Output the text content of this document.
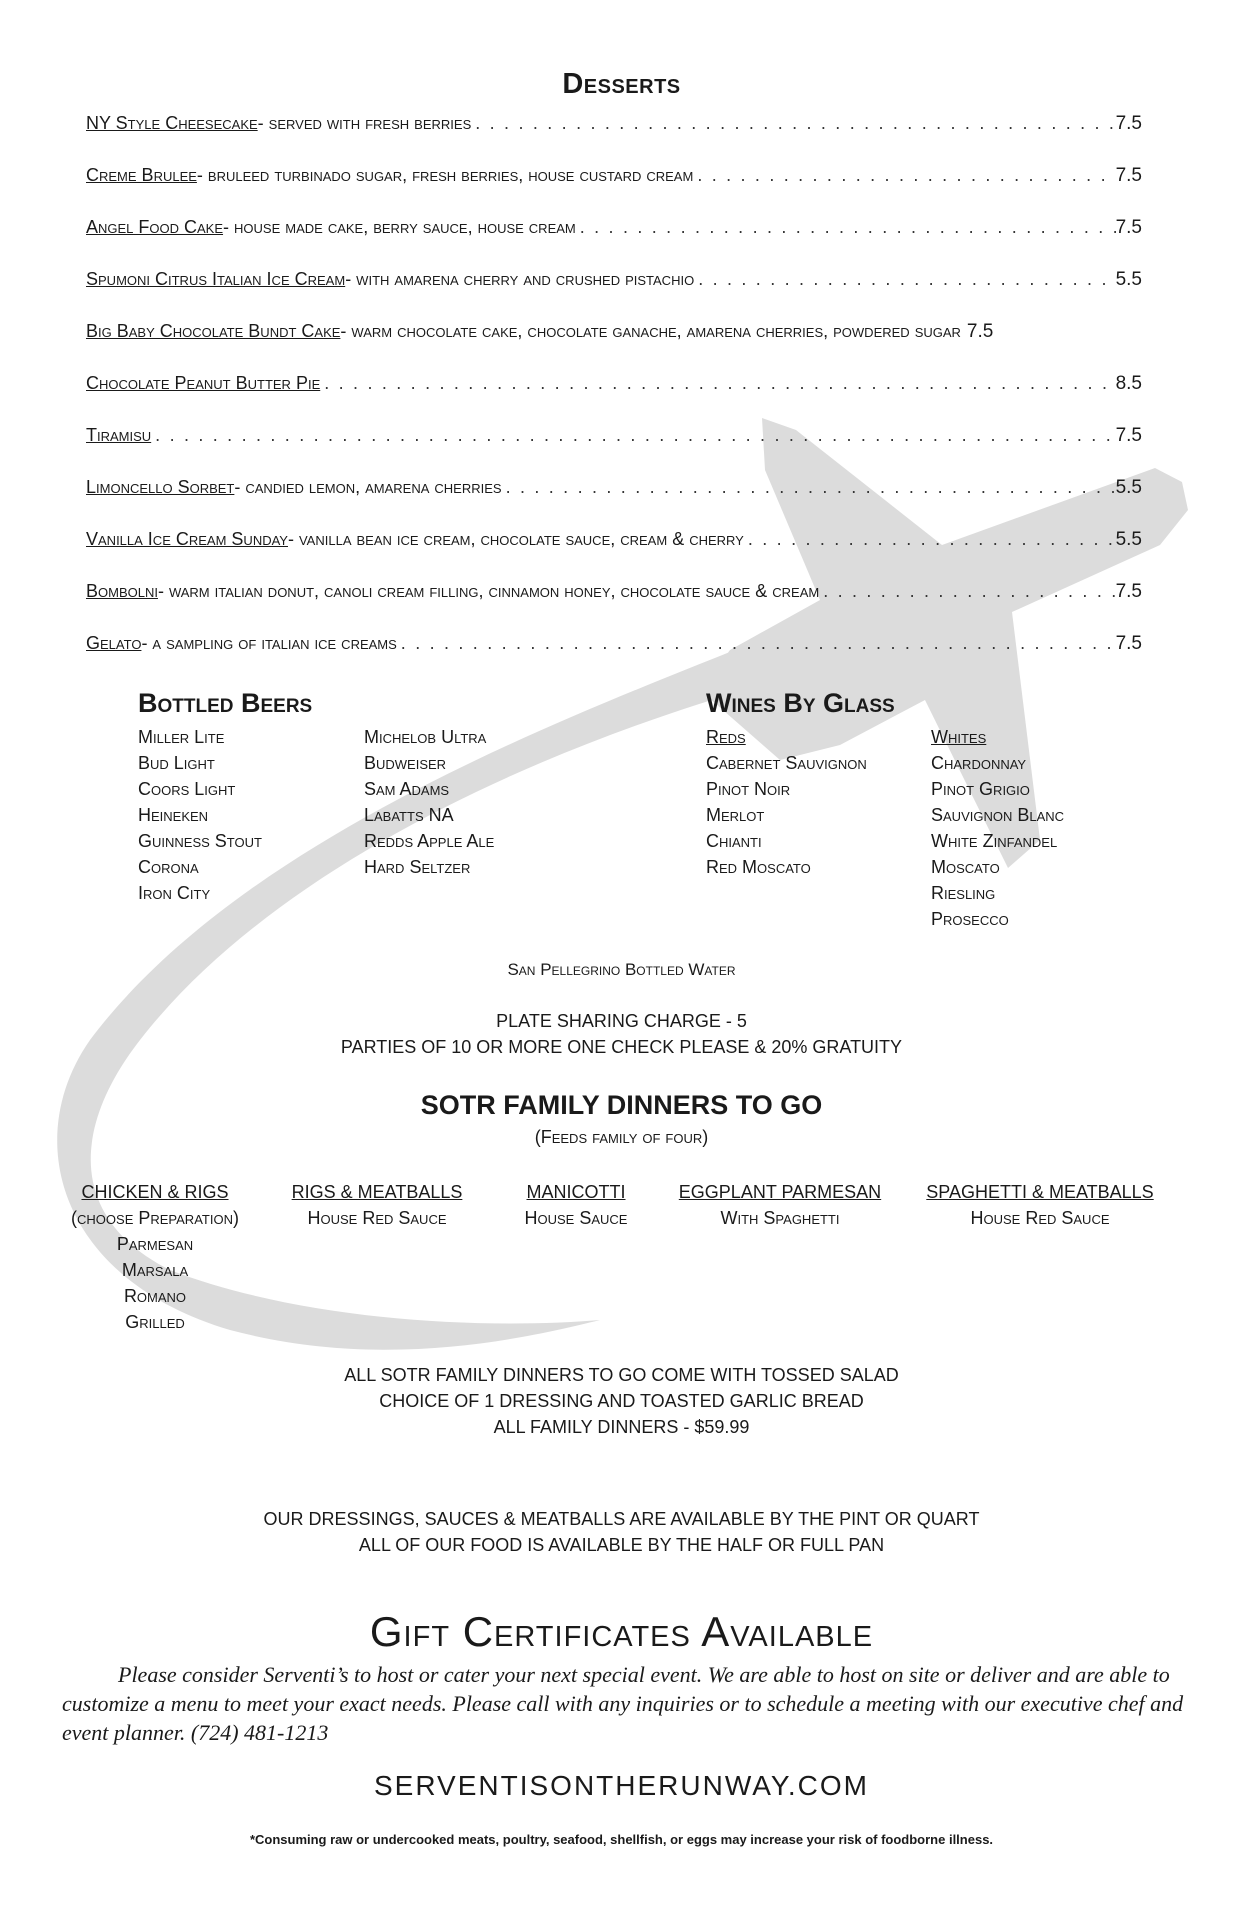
Desserts
NY Style Cheesecake - served with fresh berries . . .	7.5
Creme Brulee - bruleed turbinado sugar, fresh berries, house custard cream . . .	7.5
Angel Food Cake - house made cake, berry sauce, house cream . . .	7.5
Spumoni Citrus Italian Ice Cream - with amarena cherry and crushed pistachio . . .	5.5
Big Baby Chocolate Bundt Cake - warm chocolate cake, chocolate ganache, amarena cherries, powdered sugar 7.5
Chocolate Peanut Butter Pie . . .	8.5
Tiramisu . . .	7.5
Limoncello Sorbet - candied lemon, amarena cherries . . .	5.5
Vanilla Ice Cream Sunday - vanilla bean ice cream, chocolate sauce, cream & cherry . . .	5.5
Bombolni - warm italian donut, canoli cream filling, cinnamon honey, chocolate sauce & cream . . .	7.5
Gelato - a sampling of italian ice creams . . .	7.5
Bottled Beers
Miller Lite
Bud Light
Coors Light
Heineken
Guinness Stout
Corona
Iron City
Michelob Ultra
Budweiser
Sam Adams
Labatts NA
Redds Apple Ale
Hard Seltzer
Wines By Glass
Reds
Cabernet Sauvignon
Pinot Noir
Merlot
Chianti
Red Moscato
Whites
Chardonnay
Pinot Grigio
Sauvignon Blanc
White Zinfandel
Moscato
Riesling
Prosecco
San Pellegrino Bottled Water
PLATE SHARING CHARGE - 5
PARTIES OF 10 OR MORE ONE CHECK PLEASE & 20% GRATUITY
SOTR FAMILY DINNERS TO GO
(Feeds family of four)
CHICKEN & RIGS
(choose Preparation)
Parmesan
Marsala
Romano
Grilled
RIGS & MEATBALLS
House Red Sauce
MANICOTTI
House Sauce
EGGPLANT PARMESAN
With Spaghetti
SPAGHETTI & MEATBALLS
House Red Sauce
ALL SOTR FAMILY DINNERS TO GO COME WITH TOSSED SALAD
CHOICE OF 1 DRESSING AND TOASTED GARLIC BREAD
ALL FAMILY DINNERS - $59.99
OUR DRESSINGS, SAUCES & MEATBALLS ARE AVAILABLE BY THE PINT OR QUART
ALL OF OUR FOOD IS AVAILABLE BY THE HALF OR FULL PAN
Gift Certificates Available
Please consider Serventi’s to host or cater your next special event. We are able to host on site or deliver and are able to customize a menu to meet your exact needs. Please call with any inquiries or to schedule a meeting with our executive chef and event planner. (724) 481-1213
SERVENTISONTHERUNWAY.COM
*Consuming raw or undercooked meats, poultry, seafood, shellfish, or eggs may increase your risk of foodborne illness.
